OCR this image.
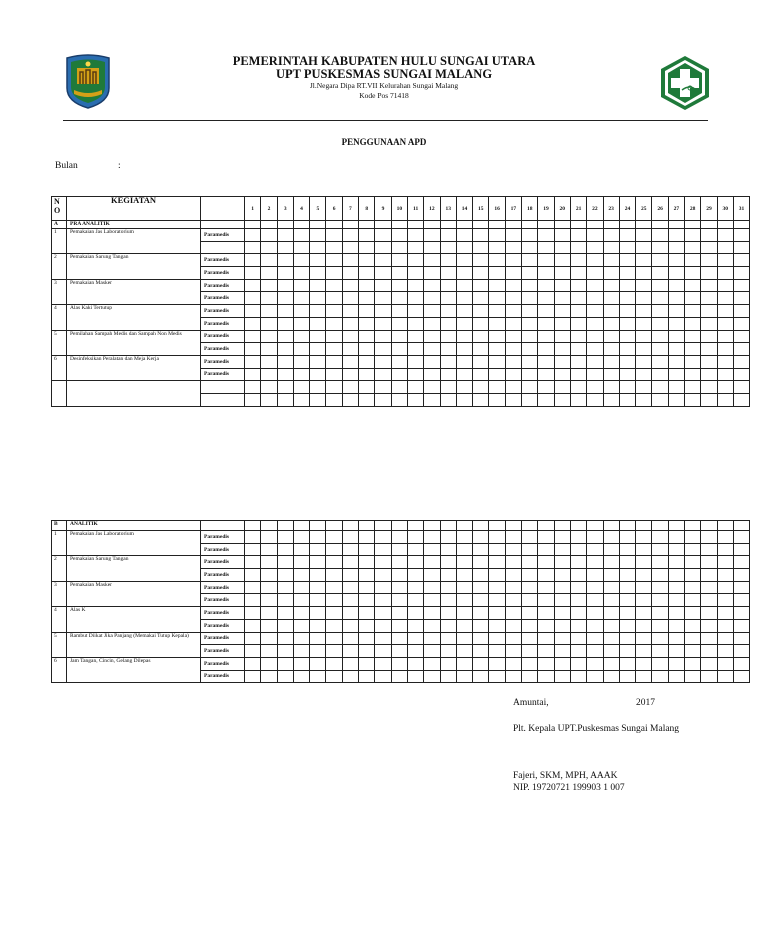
PEMERINTAH KABUPATEN HULU SUNGAI UTARA
UPT PUSKESMAS SUNGAI MALANG
Jl.Negara Dipa RT.VII Kelurahan Sungai Malang
Kode Pos 71418
PENGGUNAAN APD
Bulan	:
N O	KEGIATAN		1	2	3	4	5	6	7	8	9	10	11	12	13	14	15	16	17	18	19	20	21	22	23	24	25	26	27	28	29	30	31
A	PRA ANALITIK																																
1	Pemakaian Jas Laboratorium	Paramedis																															

2	Pemakaian Sarung Tangan	Paramedis																															
		Paramedis																															
3	Pemakaian Masker	Paramedis																															
		Paramedis																															
4	Alas Kaki Tertutup	Paramedis																															
		Paramedis																															
5	Pemilahan Sampah Medis dan Sampah Non Medis	Paramedis																															
		Paramedis																															
6	Desinfeksikan Peralatan dan Meja Kerja	Paramedis																															
		Paramedis																															

B	ANALITIK																																
1	Pemakaian Jas Laboratorium	Paramedis																															
		Paramedis																															
2	Pemakaian Sarung Tangan	Paramedis																															
		Paramedis																															
3	Pemakaian Masker	Paramedis																															
		Paramedis																															
4	Alas K	Paramedis																															
		Paramedis																															
5	Rambut Diikat Jika Panjang (Memakai Tutup Kepala)	Paramedis																															
		Paramedis																															
6	Jam Tangan, Cincin, Gelang Dilepas	Paramedis																															
		Paramedis																															
Amuntai,	2017
Plt. Kepala UPT.Puskesmas Sungai Malang
Fajeri, SKM, MPH, AAAK
NIP. 19720721 199903 1 007
